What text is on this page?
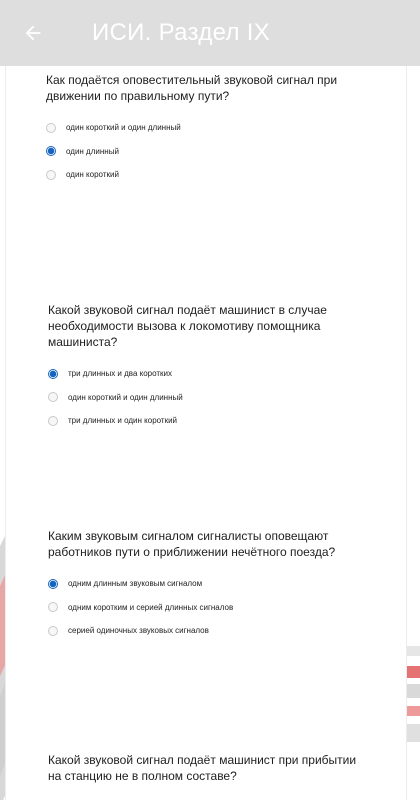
ИСИ. Раздел IX
Как подаётся оповестительный звуковой сигнал при движении по правильному пути?
один короткий и один длинный
один длинный
один короткий
Какой звуковой сигнал подаёт машинист в случае необходимости вызова к локомотиву помощника машиниста?
три длинных и два коротких
один короткий и один длинный
три длинных и один короткий
Каким звуковым сигналом сигналисты оповещают работников пути о приближении нечётного поезда?
одним длинным звуковым сигналом
одним коротким и серией длинных сигналов
серией одиночных звуковых сигналов
Какой звуковой сигнал подаёт машинист при прибытии на станцию не в полном составе?
